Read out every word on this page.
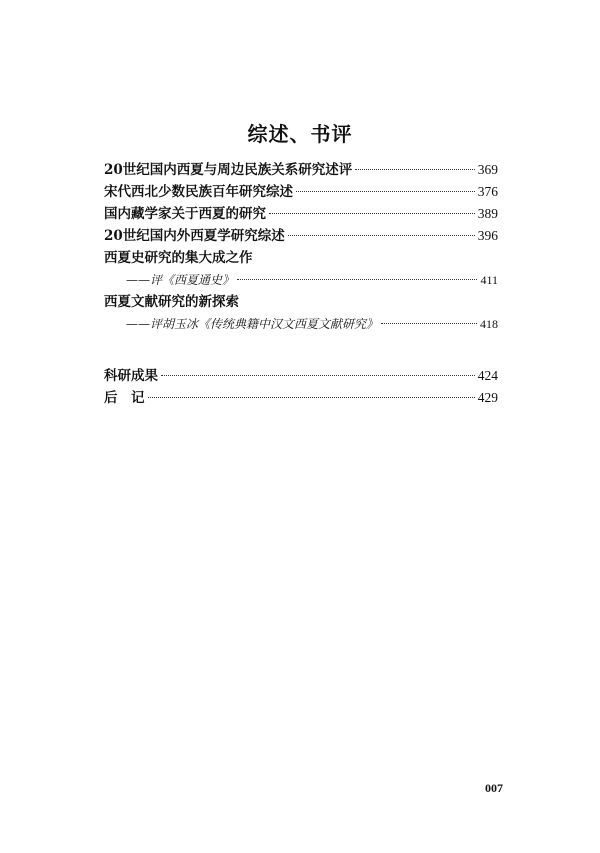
综述、书评
20世纪国内西夏与周边民族关系研究述评	369
宋代西北少数民族百年研究综述	376
国内藏学家关于西夏的研究	389
20世纪国内外西夏学研究综述	396
西夏史研究的集大成之作
——评《西夏通史》	411
西夏文献研究的新探索
——评胡玉冰《传统典籍中汉文西夏文献研究》	418
科研成果	424
后　记	429
007
